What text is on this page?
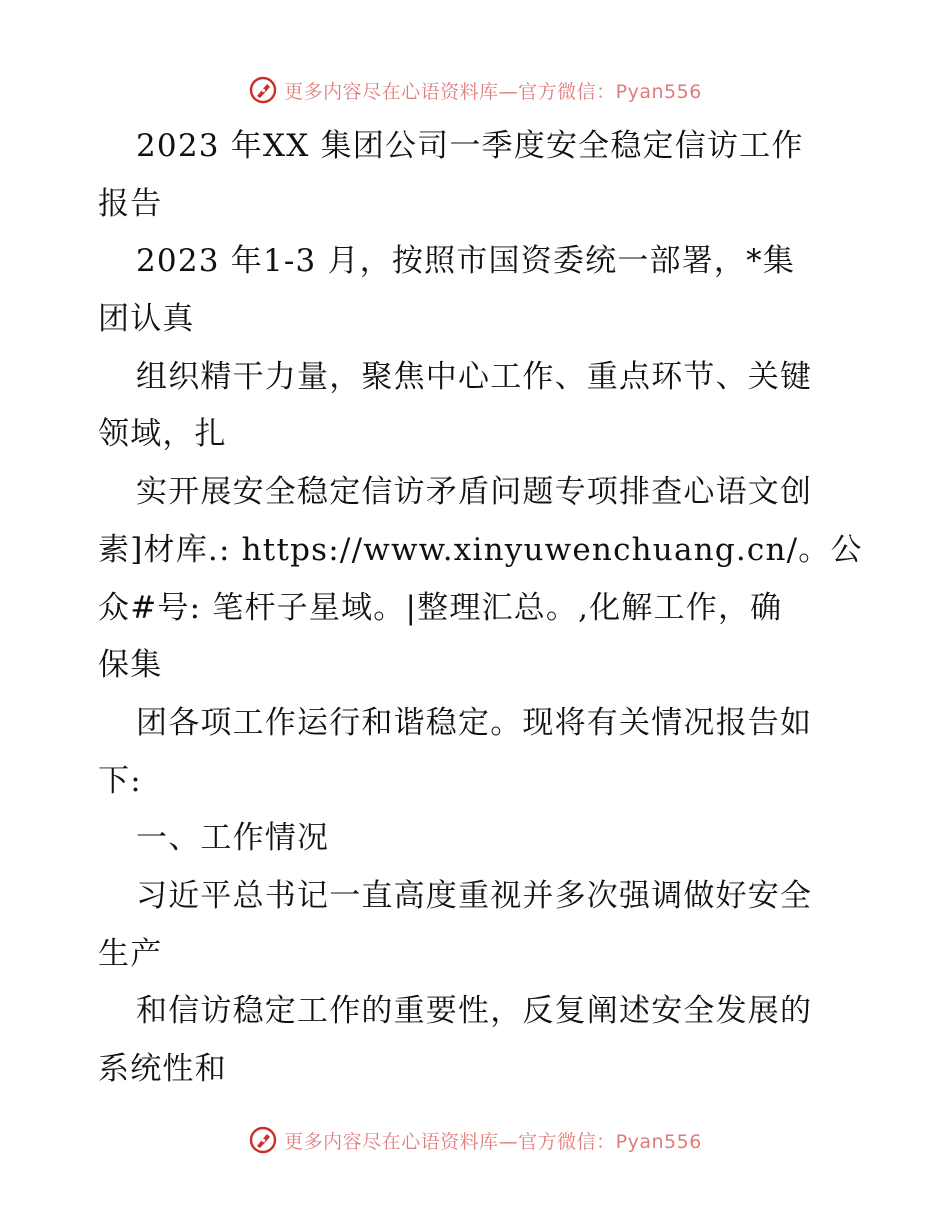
更多内容尽在心语资料库—官方微信：Pyan556
2023 年XX 集团公司一季度安全稳定信访工作
报告
2023 年1-3 月，按照市国资委统一部署，*集
团认真
组织精干力量，聚焦中心工作、重点环节、关键
领域，扎
实开展安全稳定信访矛盾问题专项排查心语文创
素]材库.: https://www.xinyuwenchuang.cn/。公
众#号: 笔杆子星域。|整理汇总。,化解工作，确
保集
团各项工作运行和谐稳定。现将有关情况报告如
下:
一、工作情况
习近平总书记一直高度重视并多次强调做好安全
生产
和信访稳定工作的重要性，反复阐述安全发展的
系统性和
更多内容尽在心语资料库—官方微信：Pyan556
